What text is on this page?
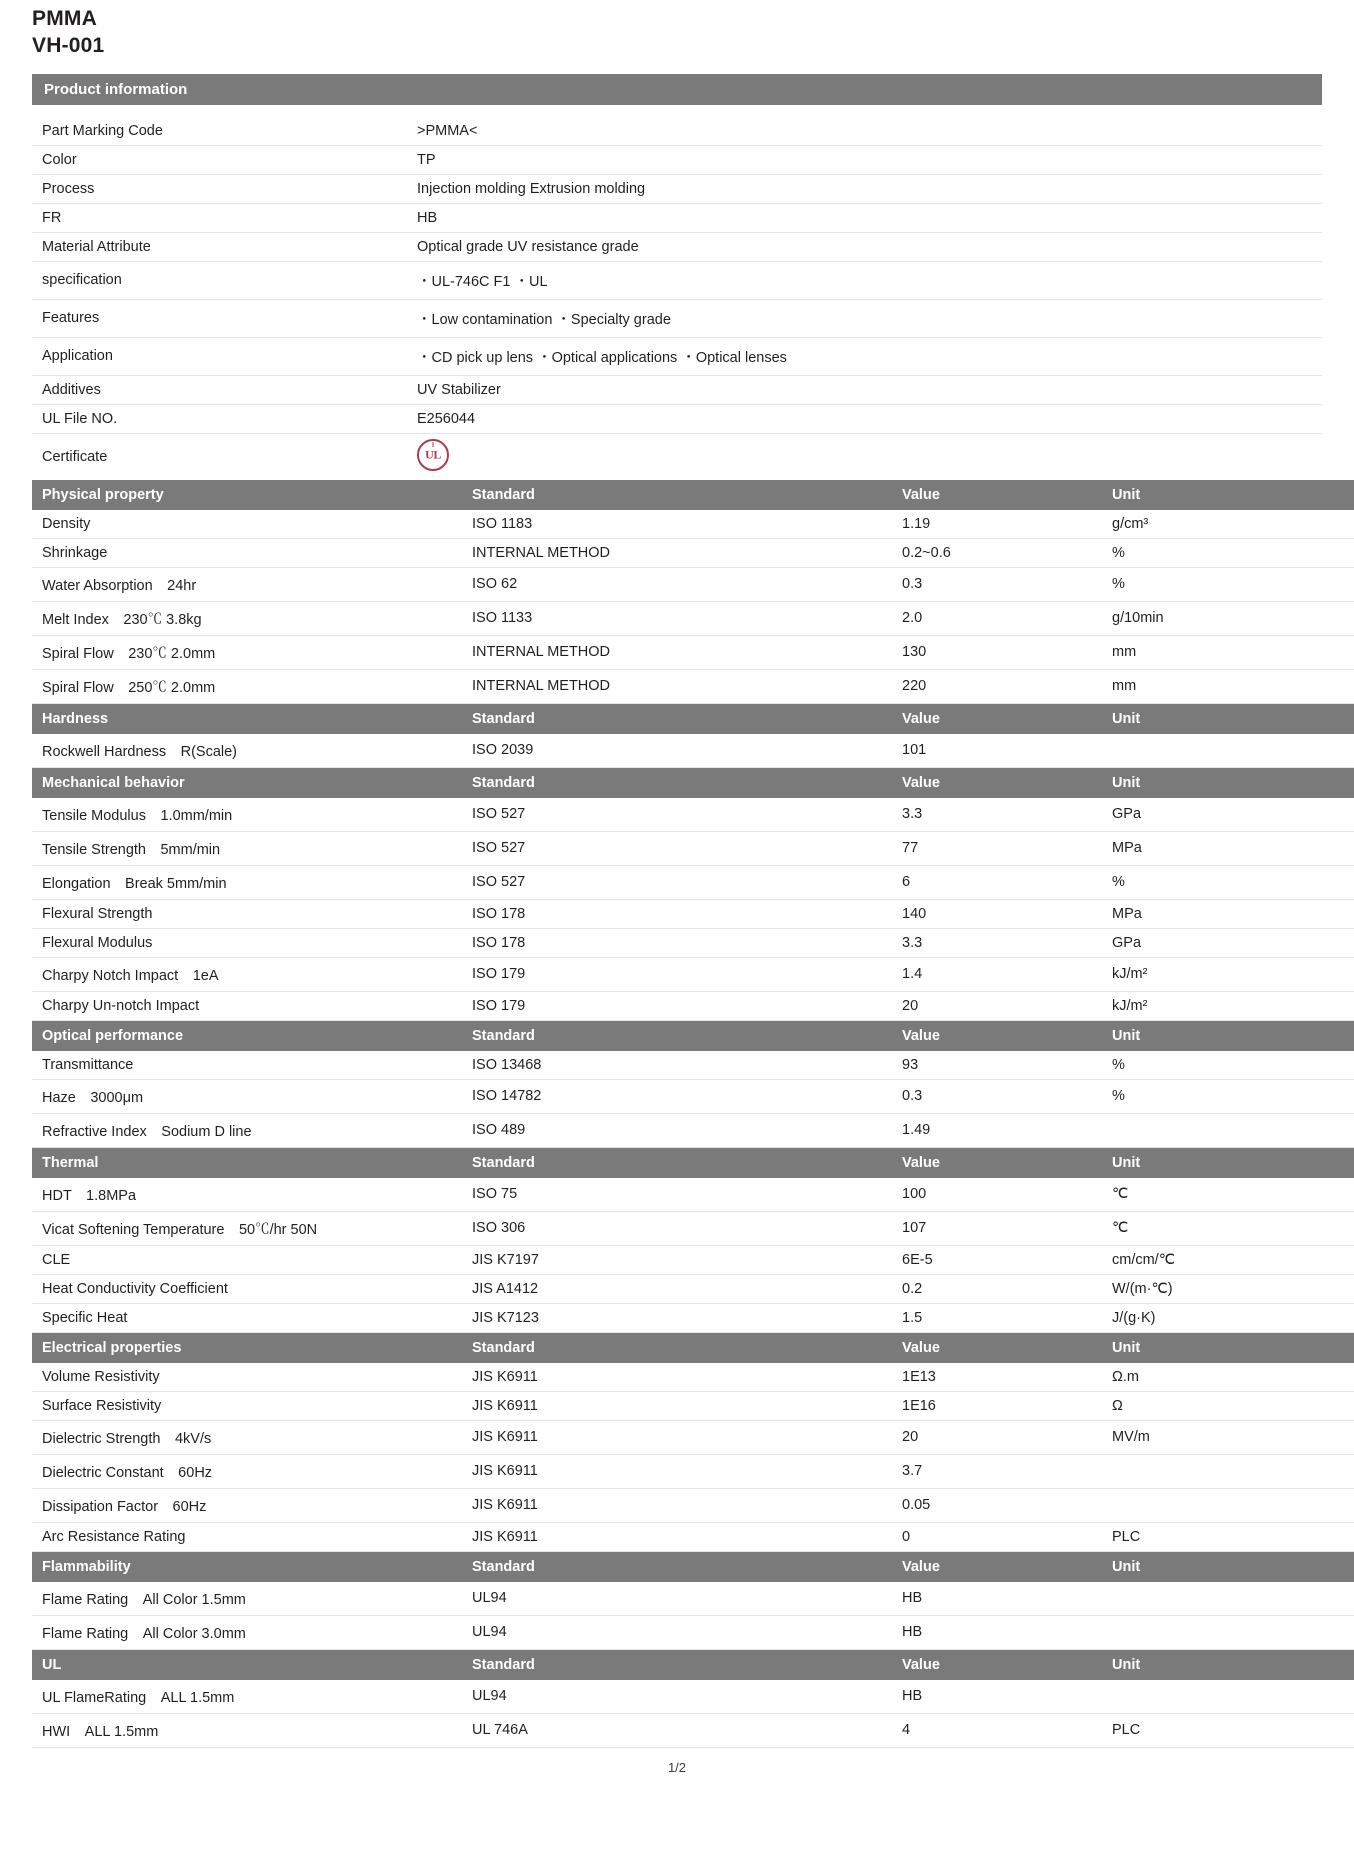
PMMA
VH-001
Product information
Part Marking Code	>PMMA<
Color	TP
Process	Injection molding Extrusion molding
FR	HB
Material Attribute	Optical grade UV resistance grade
specification	・UL-746C F1 ・UL
Features	・Low contamination ・Specialty grade
Application	・CD pick up lens ・Optical applications ・Optical lenses
Additives	UV Stabilizer
UL File NO.	E256044
Certificate	UL
Physical property	Standard	Value	Unit
Density	ISO 1183	1.19	g/cm³
Shrinkage	INTERNAL METHOD	0.2~0.6	%
Water Absorption　24hr	ISO 62	0.3	%
Melt Index　230℃ 3.8kg	ISO 1133	2.0	g/10min
Spiral Flow　230℃ 2.0mm	INTERNAL METHOD	130	mm
Spiral Flow　250℃ 2.0mm	INTERNAL METHOD	220	mm
Hardness	Standard	Value	Unit
Rockwell Hardness　R(Scale)	ISO 2039	101	
Mechanical behavior	Standard	Value	Unit
Tensile Modulus　1.0mm/min	ISO 527	3.3	GPa
Tensile Strength　5mm/min	ISO 527	77	MPa
Elongation　Break 5mm/min	ISO 527	6	%
Flexural Strength	ISO 178	140	MPa
Flexural Modulus	ISO 178	3.3	GPa
Charpy Notch Impact　1eA	ISO 179	1.4	kJ/m²
Charpy Un-notch Impact	ISO 179	20	kJ/m²
Optical performance	Standard	Value	Unit
Transmittance	ISO 13468	93	%
Haze　3000μm	ISO 14782	0.3	%
Refractive Index　Sodium D line	ISO 489	1.49	
Thermal	Standard	Value	Unit
HDT　1.8MPa	ISO 75	100	℃
Vicat Softening Temperature　50℃/hr 50N	ISO 306	107	℃
CLE	JIS K7197	6E-5	cm/cm/℃
Heat Conductivity Coefficient	JIS A1412	0.2	W/(m·℃)
Specific Heat	JIS K7123	1.5	J/(g·K)
Electrical properties	Standard	Value	Unit
Volume Resistivity	JIS K6911	1E13	Ω.m
Surface Resistivity	JIS K6911	1E16	Ω
Dielectric Strength　4kV/s	JIS K6911	20	MV/m
Dielectric Constant　60Hz	JIS K6911	3.7	
Dissipation Factor　60Hz	JIS K6911	0.05	
Arc Resistance Rating	JIS K6911	0	PLC
Flammability	Standard	Value	Unit
Flame Rating　All Color 1.5mm	UL94	HB	
Flame Rating　All Color 3.0mm	UL94	HB	
UL	Standard	Value	Unit
UL FlameRating　ALL 1.5mm	UL94	HB	
HWI　ALL 1.5mm	UL 746A	4	PLC
1/2
